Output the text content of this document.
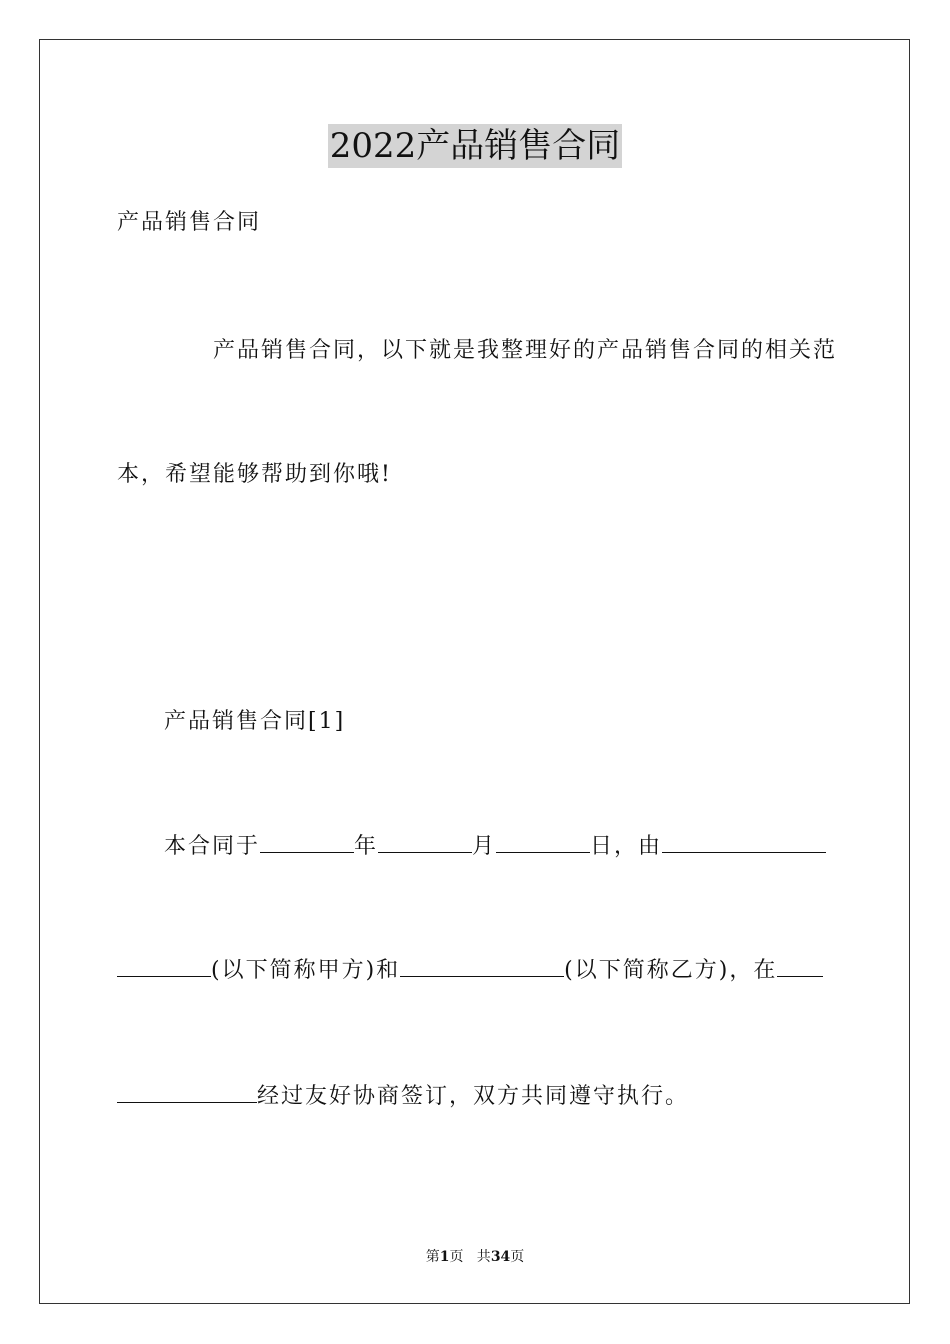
2022产品销售合同
产品销售合同
产品销售合同，以下就是我整理好的产品销售合同的相关范
本，希望能够帮助到你哦!
产品销售合同[1]
本合同于	年	月	日，由
(以下简称甲方)和	(以下简称乙方)，在
经过友好协商签订，双方共同遵守执行。
第1页   共34页
